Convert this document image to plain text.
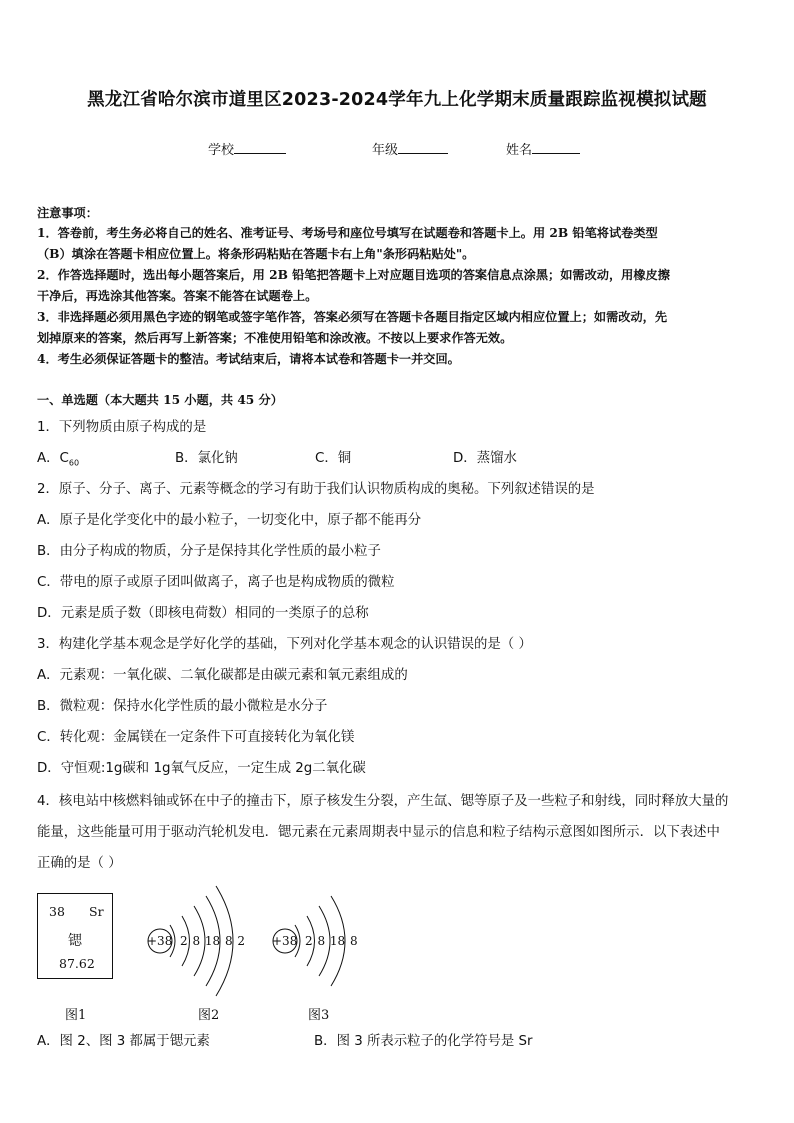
黑龙江省哈尔滨市道里区2023-2024学年九上化学期末质量跟踪监视模拟试题
学校	年级	姓名
注意事项：
1．答卷前，考生务必将自己的姓名、准考证号、考场号和座位号填写在试题卷和答题卡上。用 2B 铅笔将试卷类型
（B）填涂在答题卡相应位置上。将条形码粘贴在答题卡右上角"条形码粘贴处"。
2．作答选择题时，选出每小题答案后，用 2B 铅笔把答题卡上对应题目选项的答案信息点涂黑；如需改动，用橡皮擦
干净后，再选涂其他答案。答案不能答在试题卷上。
3．非选择题必须用黑色字迹的钢笔或签字笔作答，答案必须写在答题卡各题目指定区域内相应位置上；如需改动，先
划掉原来的答案，然后再写上新答案；不准使用铅笔和涂改液。不按以上要求作答无效。
4．考生必须保证答题卡的整洁。考试结束后，请将本试卷和答题卡一并交回。
一、单选题（本大题共 15 小题，共 45 分）
1．下列物质由原子构成的是
A．$C_{60}$	B．氯化钠	C．铜	D．蒸馏水
2．原子、分子、离子、元素等概念的学习有助于我们认识物质构成的奥秘。下列叙述错误的是
A．原子是化学变化中的最小粒子，一切变化中，原子都不能再分
B．由分子构成的物质，分子是保持其化学性质的最小粒子
C．带电的原子或原子团叫做离子，离子也是构成物质的微粒
D．元素是质子数（即核电荷数）相同的一类原子的总称
3．构建化学基本观念是学好化学的基础，下列对化学基本观念的认识错误的是（ ）
A．元素观：一氧化碳、二氧化碳都是由碳元素和氧元素组成的
B．微粒观：保持水化学性质的最小微粒是水分子
C．转化观：金属镁在一定条件下可直接转化为氧化镁
D．守恒观:1g碳和 1g氧气反应，一定生成 2g二氧化碳
4．核电站中核燃料铀或钚在中子的撞击下，原子核发生分裂，产生氙、锶等原子及一些粒子和射线，同时释放大量的
能量，这些能量可用于驱动汽轮机发电．锶元素在元素周期表中显示的信息和粒子结构示意图如图所示．以下表述中
正确的是（ ）
38 Sr
锶
87.62
图1
+38 2 8 18 8 2
图2
+38 2 8 18 8
图3
A．图 2、图 3 都属于锶元素	B．图 3 所表示粒子的化学符号是 Sr
